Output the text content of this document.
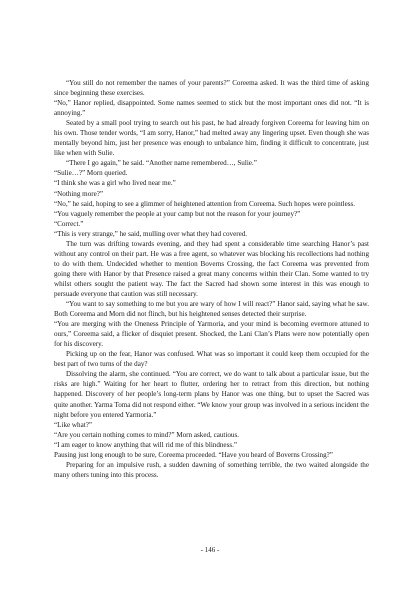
“You still do not remember the names of your parents?” Coreema asked. It was the third time of asking since beginning these exercises.

“No,” Hanor replied, disappointed. Some names seemed to stick but the most important ones did not. “It is annoying.”

Seated by a small pool trying to search out his past, he had already forgiven Coreema for leaving him on his own. Those tender words, “I am sorry, Hanor,” had melted away any lingering upset. Even though she was mentally beyond him, just her presence was enough to unbalance him, finding it difficult to concentrate, just like when with Sulie.

“There I go again,” he said. “Another name remembered…, Sulie.”

“Sulie…?” Morn queried.

“I think she was a girl who lived near me.”

“Nothing more?”

“No,” he said, hoping to see a glimmer of heightened attention from Coreema. Such hopes were pointless.

“You vaguely remember the people at your camp but not the reason for your journey?”

“Correct.”

“This is very strange,” he said, mulling over what they had covered.

The turn was drifting towards evening, and they had spent a considerable time searching Hanor’s past without any control on their part. He was a free agent, so whatever was blocking his recollections had nothing to do with them. Undecided whether to mention Boverns Crossing, the fact Coreema was prevented from going there with Hanor by that Presence raised a great many concerns within their Clan. Some wanted to try whilst others sought the patient way. The fact the Sacred had shown some interest in this was enough to persuade everyone that caution was still necessary.

“You want to say something to me but you are wary of how I will react?” Hanor said, saying what he saw. Both Coreema and Morn did not flinch, but his heightened senses detected their surprise.

“You are merging with the Oneness Principle of Yarmoria, and your mind is becoming evermore attuned to ours,” Coreema said, a flicker of disquiet present. Shocked, the Lani Clan’s Plans were now potentially open for his discovery.

Picking up on the fear, Hanor was confused. What was so important it could keep them occupied for the best part of two turns of the day?

Dissolving the alarm, she continued. “You are correct, we do want to talk about a particular issue, but the risks are high.” Waiting for her heart to flutter, ordering her to retract from this direction, but nothing happened. Discovery of her people’s long-term plans by Hanor was one thing, but to upset the Sacred was quite another. Yarma Toma did not respond either. “We know your group was involved in a serious incident the night before you entered Yarmoria.”

“Like what?”

“Are you certain nothing comes to mind?” Morn asked, cautious.

“I am eager to know anything that will rid me of this blindness.”

Pausing just long enough to be sure, Coreema proceeded. “Have you heard of Boverns Crossing?”

Preparing for an impulsive rush, a sudden dawning of something terrible, the two waited alongside the many others tuning into this process.

- 146 -
